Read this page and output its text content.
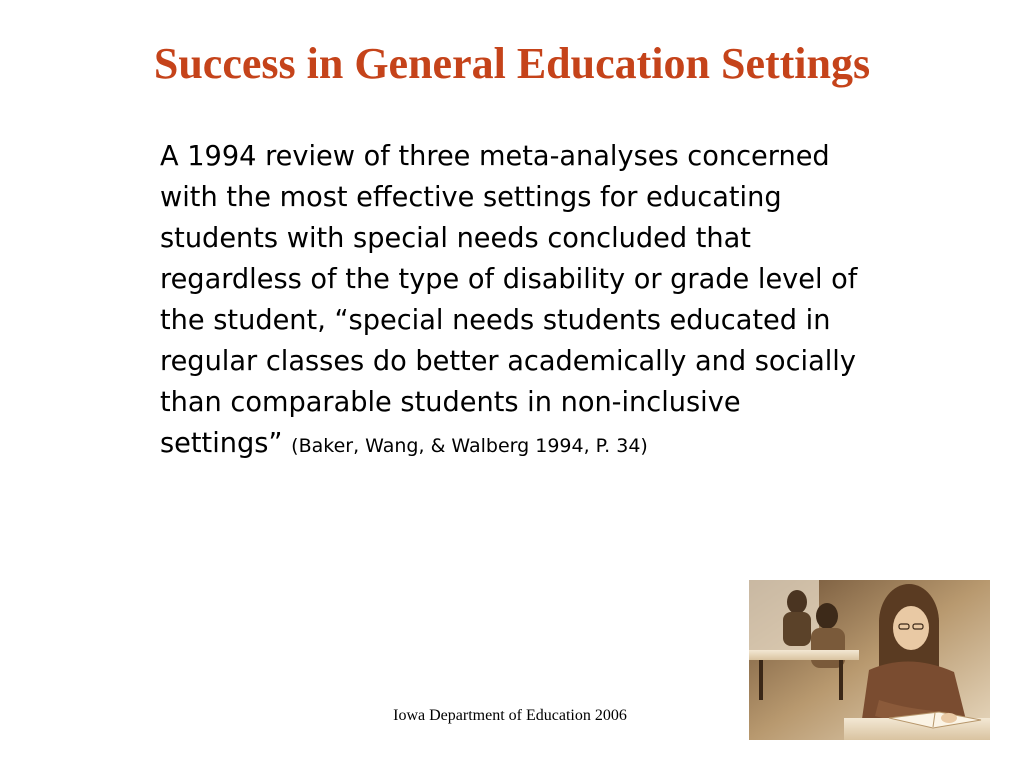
Success in General Education Settings

A 1994 review of three meta-analyses concerned with the most effective settings for educating students with special needs concluded that regardless of the type of disability or grade level of the student, “special needs students educated in regular classes do better academically and socially than comparable students in non-inclusive settings” (Baker, Wang, & Walberg 1994, P. 34)

Iowa Department of Education 2006
